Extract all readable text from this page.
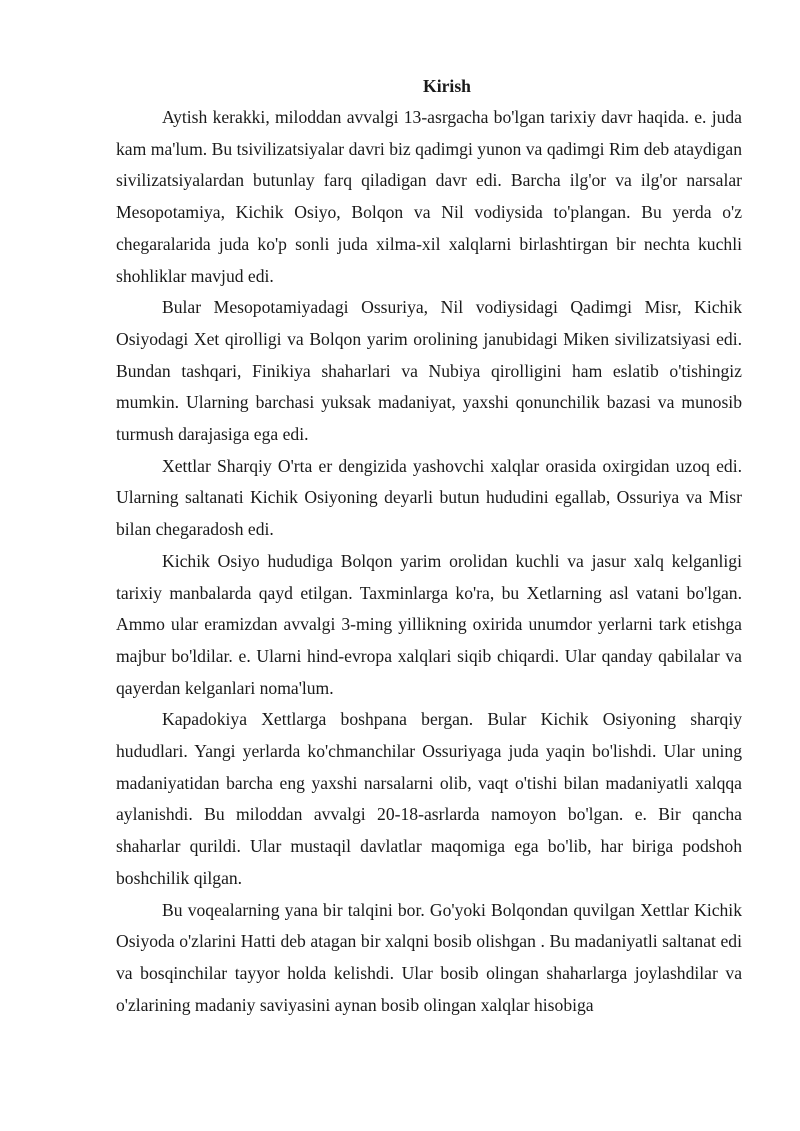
Kirish

Aytish kerakki, miloddan avvalgi 13-asrgacha bo'lgan tarixiy davr haqida. e. juda kam ma'lum. Bu tsivilizatsiyalar davri biz qadimgi yunon va qadimgi Rim deb ataydigan sivilizatsiyalardan butunlay farq qiladigan davr edi. Barcha ilg'or va ilg'or narsalar Mesopotamiya, Kichik Osiyo, Bolqon va Nil vodiysida to'plangan. Bu yerda o'z chegaralarida juda ko'p sonli juda xilma-xil xalqlarni birlashtirgan bir nechta kuchli shohliklar mavjud edi.

Bular Mesopotamiyadagi Ossuriya, Nil vodiysidagi Qadimgi Misr, Kichik Osiyodagi Xet qirolligi va Bolqon yarim orolining janubidagi Miken sivilizatsiyasi edi. Bundan tashqari, Finikiya shaharlari va Nubiya qirolligini ham eslatib o'tishingiz mumkin. Ularning barchasi yuksak madaniyat, yaxshi qonunchilik bazasi va munosib turmush darajasiga ega edi.

Xettlar Sharqiy O'rta er dengizida yashovchi xalqlar orasida oxirgidan uzoq edi. Ularning saltanati Kichik Osiyoning deyarli butun hududini egallab, Ossuriya va Misr bilan chegaradosh edi.

Kichik Osiyo hududiga Bolqon yarim orolidan kuchli va jasur xalq kelganligi tarixiy manbalarda qayd etilgan. Taxminlarga ko'ra, bu Xetlarning asl vatani bo'lgan. Ammo ular eramizdan avvalgi 3-ming yillikning oxirida unumdor yerlarni tark etishga majbur bo'ldilar. e. Ularni hind-evropa xalqlari siqib chiqardi. Ular qanday qabilalar va qayerdan kelganlari noma'lum.

Kapadokiya Xettlarga boshpana bergan. Bular Kichik Osiyoning sharqiy hududlari. Yangi yerlarda ko'chmanchilar Ossuriyaga juda yaqin bo'lishdi. Ular uning madaniyatidan barcha eng yaxshi narsalarni olib, vaqt o'tishi bilan madaniyatli xalqqa aylanishdi. Bu miloddan avvalgi 20-18-asrlarda namoyon bo'lgan. e. Bir qancha shaharlar qurildi. Ular mustaqil davlatlar maqomiga ega bo'lib, har biriga podshoh boshchilik qilgan.

Bu voqealarning yana bir talqini bor. Go'yoki Bolqondan quvilgan Xettlar Kichik Osiyoda o'zlarini Hatti deb atagan bir xalqni bosib olishgan . Bu madaniyatli saltanat edi va bosqinchilar tayyor holda kelishdi. Ular bosib olingan shaharlarga joylashdilar va o'zlarining madaniy saviyasini aynan bosib olingan xalqlar hisobiga
